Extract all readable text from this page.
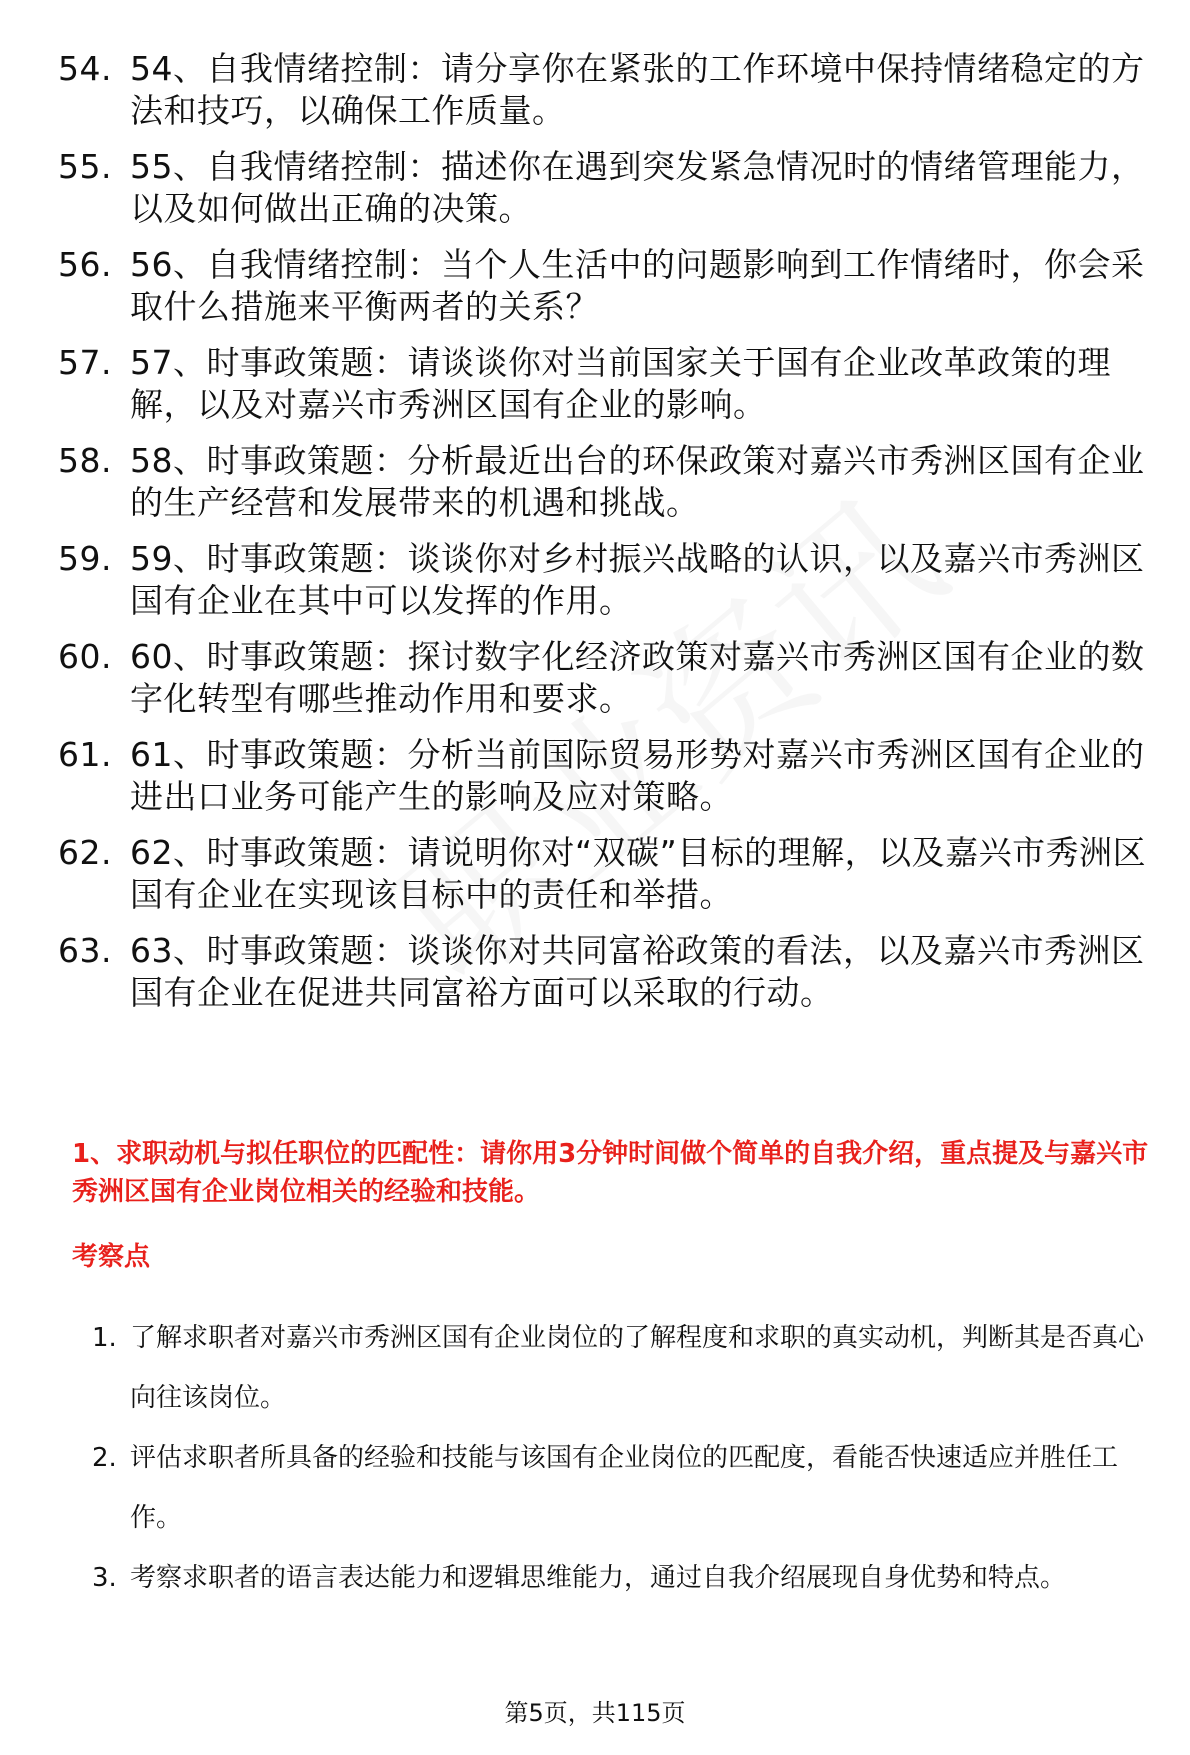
54. 54、自我情绪控制：请分享你在紧张的工作环境中保持情绪稳定的方法和技巧，以确保工作质量。
55. 55、自我情绪控制：描述你在遇到突发紧急情况时的情绪管理能力，以及如何做出正确的决策。
56. 56、自我情绪控制：当个人生活中的问题影响到工作情绪时，你会采取什么措施来平衡两者的关系？
57. 57、时事政策题：请谈谈你对当前国家关于国有企业改革政策的理解，以及对嘉兴市秀洲区国有企业的影响。
58. 58、时事政策题：分析最近出台的环保政策对嘉兴市秀洲区国有企业的生产经营和发展带来的机遇和挑战。
59. 59、时事政策题：谈谈你对乡村振兴战略的认识，以及嘉兴市秀洲区国有企业在其中可以发挥的作用。
60. 60、时事政策题：探讨数字化经济政策对嘉兴市秀洲区国有企业的数字化转型有哪些推动作用和要求。
61. 61、时事政策题：分析当前国际贸易形势对嘉兴市秀洲区国有企业的进出口业务可能产生的影响及应对策略。
62. 62、时事政策题：请说明你对“双碳”目标的理解，以及嘉兴市秀洲区国有企业在实现该目标中的责任和举措。
63. 63、时事政策题：谈谈你对共同富裕政策的看法，以及嘉兴市秀洲区国有企业在促进共同富裕方面可以采取的行动。
1、求职动机与拟任职位的匹配性：请你用3分钟时间做个简单的自我介绍，重点提及与嘉兴市秀洲区国有企业岗位相关的经验和技能。
考察点
1. 了解求职者对嘉兴市秀洲区国有企业岗位的了解程度和求职的真实动机，判断其是否真心向往该岗位。
2. 评估求职者所具备的经验和技能与该国有企业岗位的匹配度，看能否快速适应并胜任工作。
3. 考察求职者的语言表达能力和逻辑思维能力，通过自我介绍展现自身优势和特点。
第5页，共115页
